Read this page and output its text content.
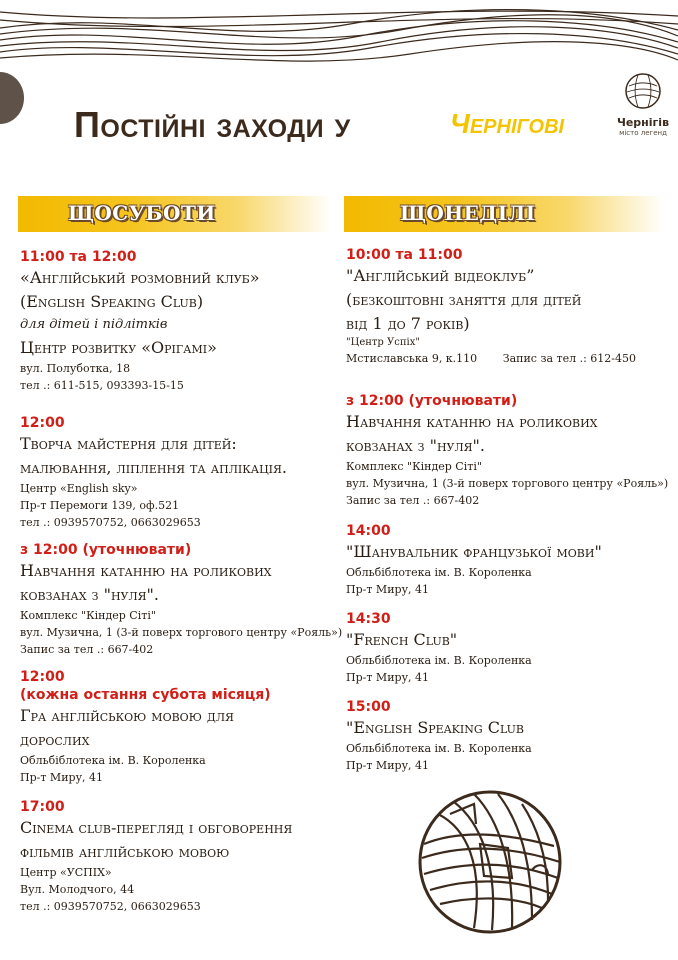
Постійні заходи у	Чернігові	Чернігів
місто легенд
ЩОСУБОТИ
11:00 та 12:00
«Англійський розмовний клуб»
(English Speaking Club)
для дітей і підлітків
Центр розвитку «Орігамі»
вул. Полуботка, 18
тел .: 611-515, 093393-15-15
12:00
Творча майстерня для дітей:
малювання, ліплення та аплікація.
Центр «English sky»
Пр-т Перемоги 139, оф.521
тел .: 0939570752, 0663029653
з 12:00 (уточнювати)
Навчання катанню на роликових
ковзанах з "нуля".
Комплекс "Кіндер Сіті"
вул. Музична, 1 (3-й поверх торгового центру «Рояль»)
Запис за тел .: 667-402
12:00
(кожна остання субота місяця)
Гра англійською мовою для
дорослих
Обльбіблотека ім. В. Короленка
Пр-т Миру, 41
17:00
Cinema club-перегляд і обговорення
фільмів англійською мовою
Центр «УСПІХ»
Вул. Молодчого, 44
тел .: 0939570752, 0663029653
ЩОНЕДІЛІ
10:00 та 11:00
"Англійський відеоклуб”
(безкоштовні заняття для дітей
від 1 до 7 років)
"Центр Успіх"
Мстиславська 9, к.110 Запис за тел .: 612-450
з 12:00 (уточнювати)
Навчання катанню на роликових
ковзанах з "нуля".
Комплекс "Кіндер Сіті"
вул. Музична, 1 (3-й поверх торгового центру «Рояль»)
Запис за тел .: 667-402
14:00
"Шанувальник французької мови"
Обльбіблотека ім. В. Короленка
Пр-т Миру, 41
14:30
"French Club"
Обльбіблотека ім. В. Короленка
Пр-т Миру, 41
15:00
"English Speaking Club
Обльбіблотека ім. В. Короленка
Пр-т Миру, 41
